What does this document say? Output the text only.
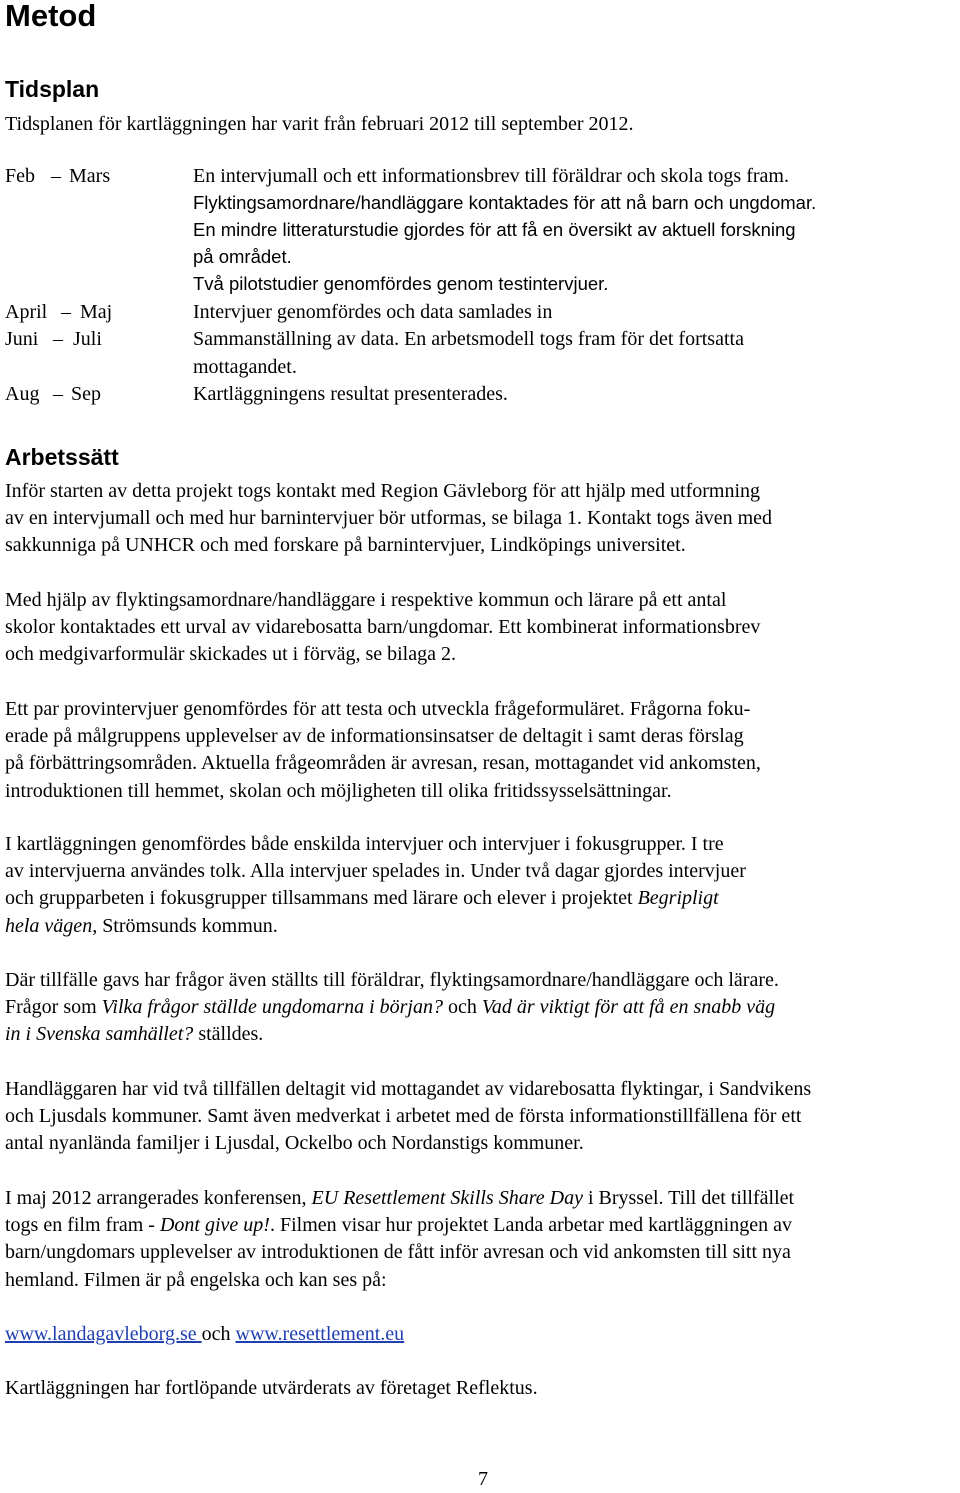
Metod
Tidsplan
Tidsplanen för kartläggningen har varit från februari 2012 till september 2012.
Feb – Mars
April – Maj
Juni – Juli
Aug – Sep
En intervjumall och ett informationsbrev till föräldrar och skola togs fram.
Flyktingsamordnare/handläggare kontaktades för att nå barn och ungdomar.
En mindre litteraturstudie gjordes för att få en översikt av aktuell forskning
på området.
Två pilotstudier genomfördes genom testintervjuer.
Intervjuer genomfördes och data samlades in
Sammanställning av data. En arbetsmodell togs fram för det fortsatta
mottagandet.
Kartläggningens resultat presenterades.
Arbetssätt
Inför starten av detta projekt togs kontakt med Region Gävleborg för att hjälp med utformning
av en intervjumall och med hur barnintervjuer bör utformas, se bilaga 1. Kontakt togs även med
sakkunniga på UNHCR och med forskare på barnintervjuer, Lindköpings universitet.
Med hjälp av flyktingsamordnare/handläggare i respektive kommun och lärare på ett antal
skolor kontaktades ett urval av vidarebosatta barn/ungdomar. Ett kombinerat informationsbrev
och medgivarformulär skickades ut i förväg, se bilaga 2.
Ett par provintervjuer genomfördes för att testa och utveckla frågeformuläret. Frågorna foku-
erade på målgruppens upplevelser av de informationsinsatser de deltagit i samt deras förslag
på förbättringsområden. Aktuella frågeområden är avresan, resan, mottagandet vid ankomsten,
introduktionen till hemmet, skolan och möjligheten till olika fritidssysselsättningar.
I kartläggningen genomfördes både enskilda intervjuer och intervjuer i fokusgrupper. I tre
av intervjuerna användes tolk. Alla intervjuer spelades in. Under två dagar gjordes intervjuer
och grupparbeten i fokusgrupper tillsammans med lärare och elever i projektet Begripligt
hela vägen, Strömsunds kommun.
Där tillfälle gavs har frågor även ställts till föräldrar, flyktingsamordnare/handläggare och lärare.
Frågor som Vilka frågor ställde ungdomarna i början? och Vad är viktigt för att få en snabb väg
in i Svenska samhället? ställdes.
Handläggaren har vid två tillfällen deltagit vid mottagandet av vidarebosatta flyktingar, i Sandvikens
och Ljusdals kommuner. Samt även medverkat i arbetet med de första informationstillfällena för ett
antal nyanlända familjer i Ljusdal, Ockelbo och Nordanstigs kommuner.
I maj 2012 arrangerades konferensen, EU Resettlement Skills Share Day i Bryssel. Till det tillfället
togs en film fram - Dont give up!. Filmen visar hur projektet Landa arbetar med kartläggningen av
barn/ungdomars upplevelser av introduktionen de fått inför avresan och vid ankomsten till sitt nya
hemland. Filmen är på engelska och kan ses på:
www.landagavleborg.se och www.resettlement.eu
Kartläggningen har fortlöpande utvärderats av företaget Reflektus.
7
